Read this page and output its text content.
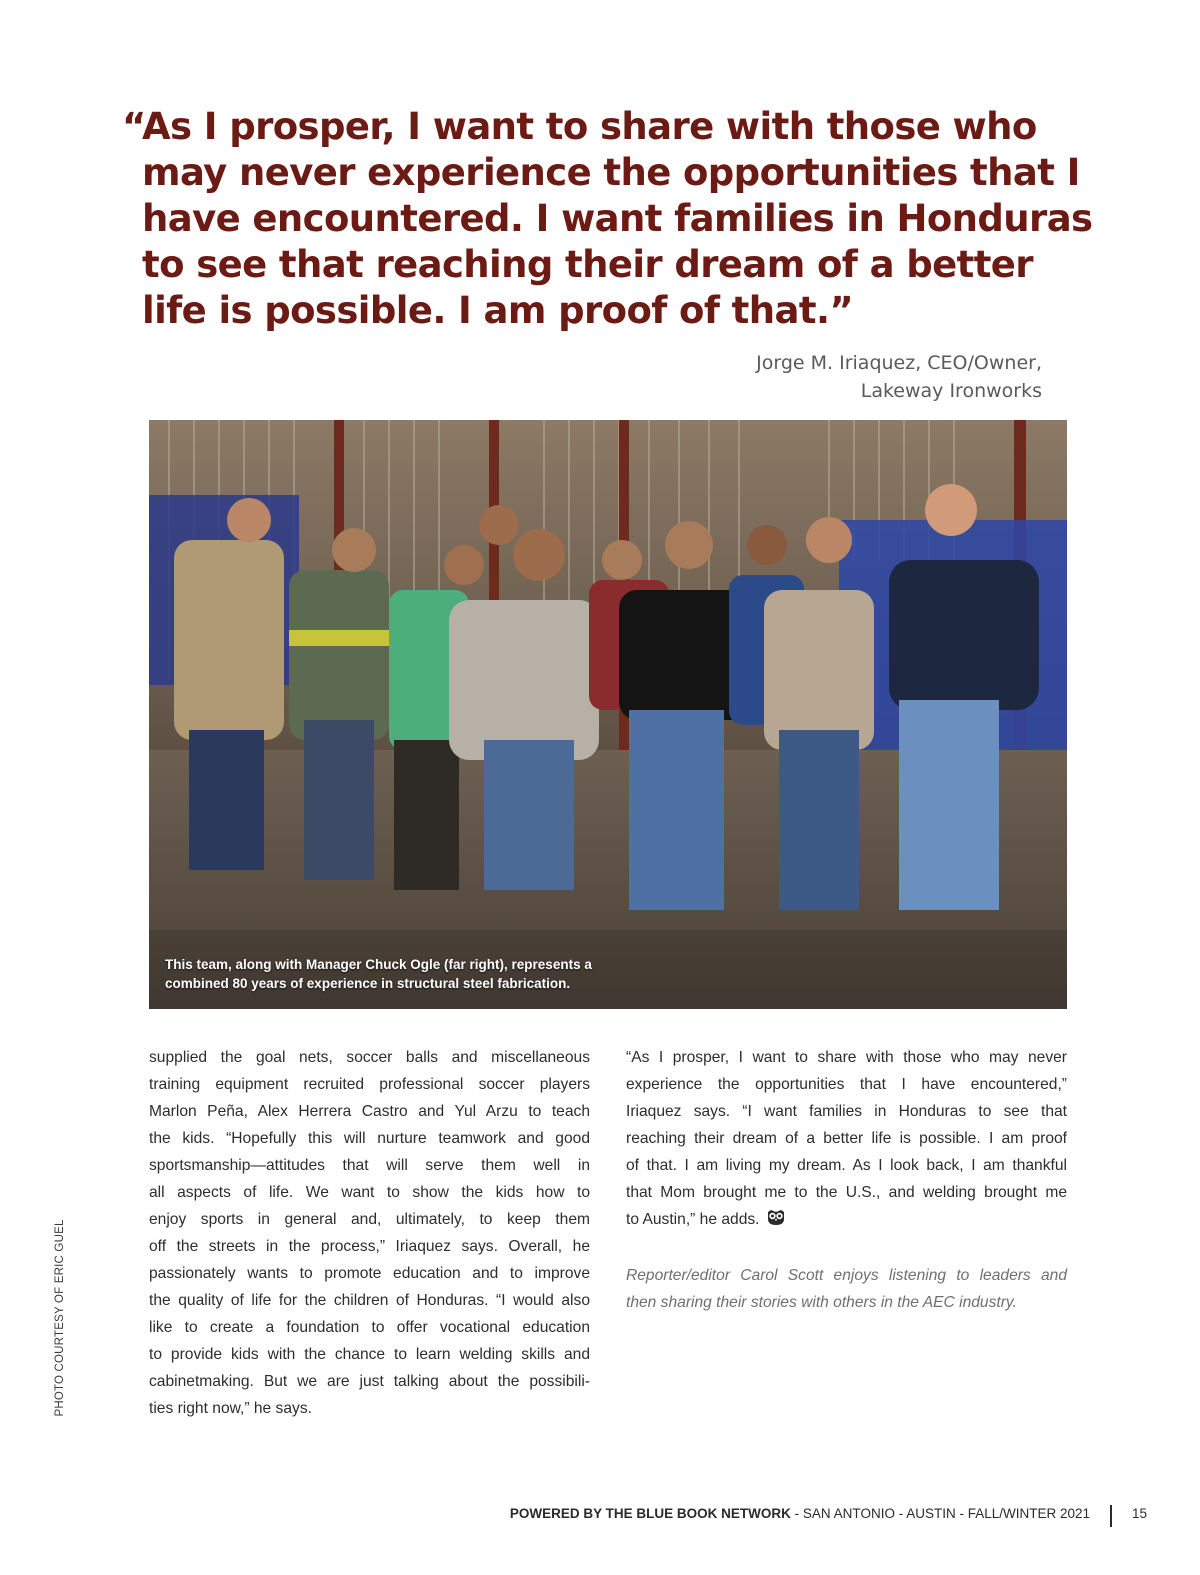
“
As I prosper, I want to share with those who
may never experience the opportunities that I
have encountered. I want families in Honduras
to see that reaching their dream of a better
life is possible. I am proof of that.”
Jorge M. Iriaquez, CEO/Owner,
Lakeway Ironworks
This team, along with Manager Chuck Ogle (far right), represents a
combined 80 years of experience in structural steel fabrication.
PHOTO COURTESY OF ERIC GUEL
supplied the goal nets, soccer balls and miscellaneous
training equipment recruited professional soccer players
Marlon Peña, Alex Herrera Castro and Yul Arzu to teach
the kids. “Hopefully this will nurture teamwork and good
sportsmanship—attitudes that will serve them well in
all aspects of life. We want to show the kids how to
enjoy sports in general and, ultimately, to keep them
off the streets in the process,” Iriaquez says. Overall, he
passionately wants to promote education and to improve
the quality of life for the children of Honduras. “I would also
like to create a foundation to offer vocational education
to provide kids with the chance to learn welding skills and
cabinetmaking. But we are just talking about the possibili-
ties right now,” he says.
“As I prosper, I want to share with those who may never
experience the opportunities that I have encountered,”
Iriaquez says. “I want families in Honduras to see that
reaching their dream of a better life is possible. I am proof
of that. I am living my dream. As I look back, I am thankful
that Mom brought me to the U.S., and welding brought me
to Austin,” he adds.
Reporter/editor Carol Scott enjoys listening to leaders and
then sharing their stories with others in the AEC industry.
POWERED BY THE BLUE BOOK NETWORK - SAN ANTONIO - AUSTIN - FALL/WINTER 2021	15
